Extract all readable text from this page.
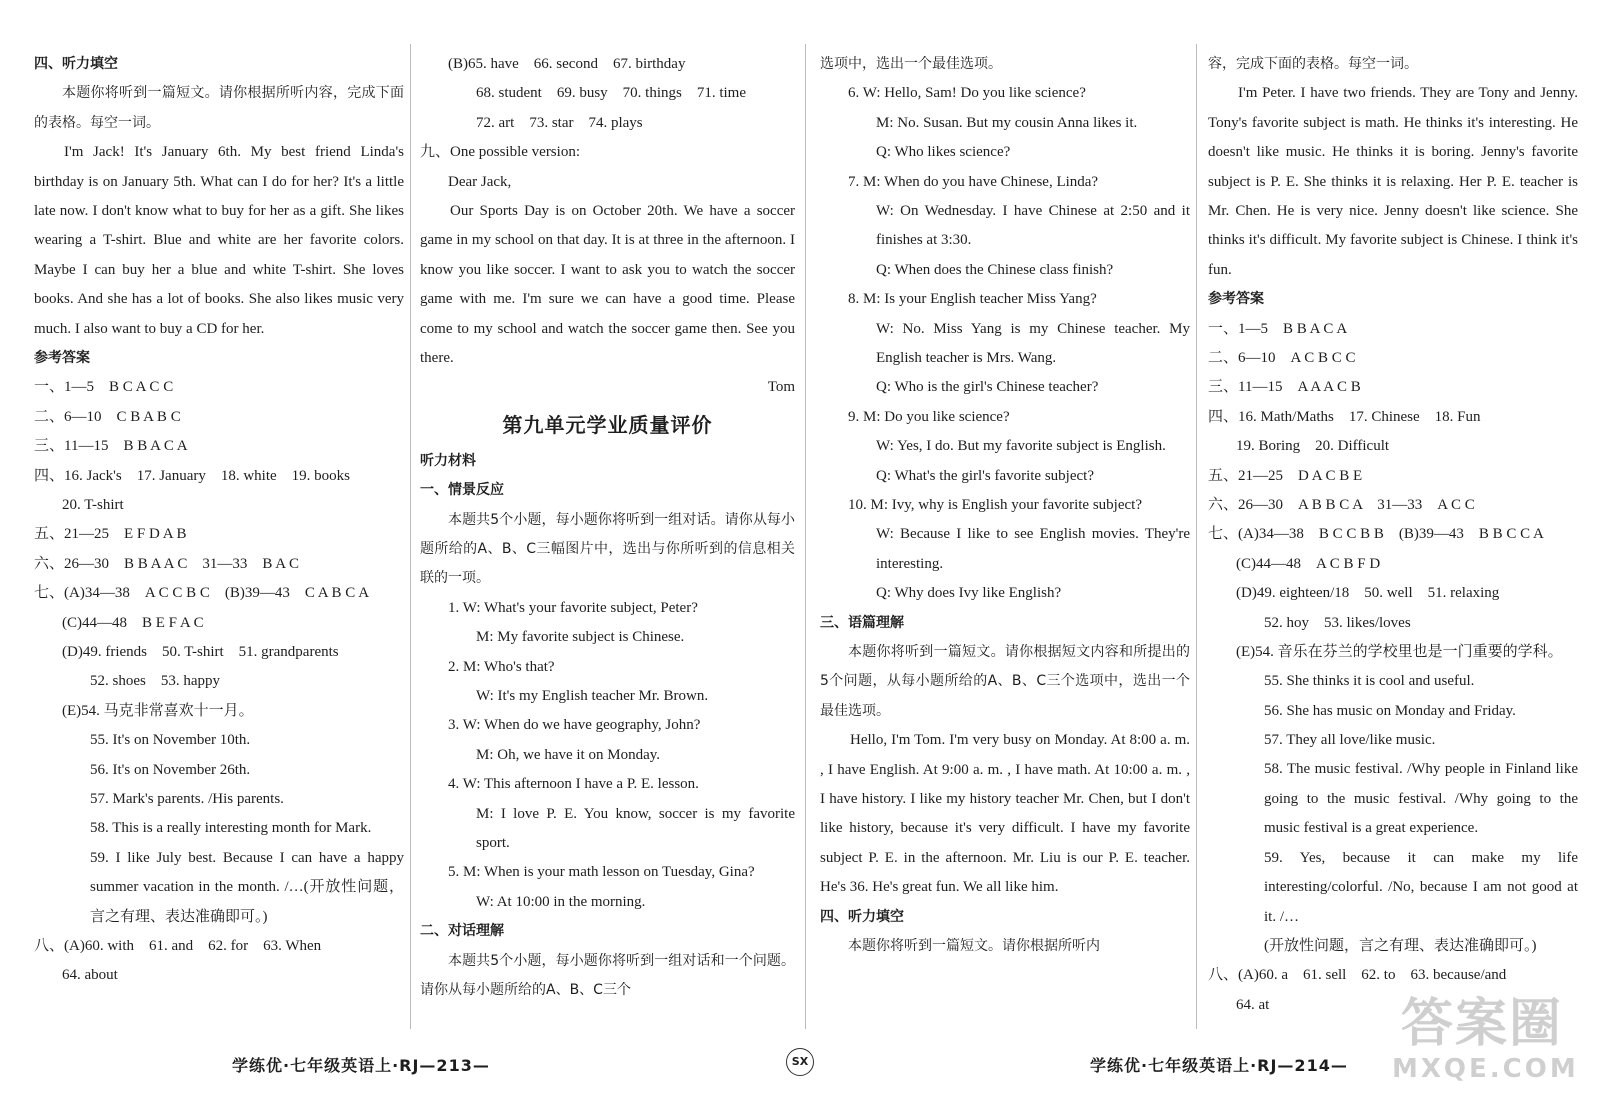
四、听力填空
本题你将听到一篇短文。请你根据所听内容，完成下面的表格。每空一词。
I'm Jack! It's January 6th. My best friend Linda's birthday is on January 5th. What can I do for her? It's a little late now. I don't know what to buy for her as a gift. She likes wearing a T-shirt. Blue and white are her favorite colors. Maybe I can buy her a blue and white T-shirt. She loves books. And she has a lot of books. She also likes music very much. I also want to buy a CD for her.
参考答案
一、1—5　B C A C C
二、6—10　C B A B C
三、11—15　B B A C A
四、16. Jack's　17. January　18. white　19. books
20. T-shirt
五、21—25　E F D A B
六、26—30　B B A A C　31—33　B A C
七、(A)34—38　A C C B C　(B)39—43　C A B C A
(C)44—48　B E F A C
(D)49. friends　50. T-shirt　51. grandparents
52. shoes　53. happy
(E)54. 马克非常喜欢十一月。
55. It's on November 10th.
56. It's on November 26th.
57. Mark's parents. /His parents.
58. This is a really interesting month for Mark.
59. I like July best. Because I can have a happy summer vacation in the month. /…(开放性问题，言之有理、表达准确即可。)
八、(A)60. with　61. and　62. for　63. When
64. about
(B)65. have　66. second　67. birthday
68. student　69. busy　70. things　71. time
72. art　73. star　74. plays
九、One possible version:
Dear Jack,
Our Sports Day is on October 20th. We have a soccer game in my school on that day. It is at three in the afternoon. I know you like soccer. I want to ask you to watch the soccer game with me. I'm sure we can have a good time. Please come to my school and watch the soccer game then. See you there.
Tom
第九单元学业质量评价
听力材料
一、情景反应
本题共5个小题，每小题你将听到一组对话。请你从每小题所给的A、B、C三幅图片中，选出与你所听到的信息相关联的一项。
1. W: What's your favorite subject, Peter?
M: My favorite subject is Chinese.
2. M: Who's that?
W: It's my English teacher Mr. Brown.
3. W: When do we have geography, John?
M: Oh, we have it on Monday.
4. W: This afternoon I have a P. E. lesson.
M: I love P. E. You know, soccer is my favorite sport.
5. M: When is your math lesson on Tuesday, Gina?
W: At 10:00 in the morning.
二、对话理解
本题共5个小题，每小题你将听到一组对话和一个问题。请你从每小题所给的A、B、C三个
选项中，选出一个最佳选项。
6. W: Hello, Sam! Do you like science?
M: No. Susan. But my cousin Anna likes it.
Q: Who likes science?
7. M: When do you have Chinese, Linda?
W: On Wednesday. I have Chinese at 2:50 and it finishes at 3:30.
Q: When does the Chinese class finish?
8. M: Is your English teacher Miss Yang?
W: No. Miss Yang is my Chinese teacher. My English teacher is Mrs. Wang.
Q: Who is the girl's Chinese teacher?
9. M: Do you like science?
W: Yes, I do. But my favorite subject is English.
Q: What's the girl's favorite subject?
10. M: Ivy, why is English your favorite subject?
W: Because I like to see English movies. They're interesting.
Q: Why does Ivy like English?
三、语篇理解
本题你将听到一篇短文。请你根据短文内容和所提出的5个问题，从每小题所给的A、B、C三个选项中，选出一个最佳选项。
Hello, I'm Tom. I'm very busy on Monday. At 8:00 a. m. , I have English. At 9:00 a. m. , I have math. At 10:00 a. m. , I have history. I like my history teacher Mr. Chen, but I don't like history, because it's very difficult. I have my favorite subject P. E. in the afternoon. Mr. Liu is our P. E. teacher. He's 36. He's great fun. We all like him.
四、听力填空
本题你将听到一篇短文。请你根据所听内
容，完成下面的表格。每空一词。
I'm Peter. I have two friends. They are Tony and Jenny. Tony's favorite subject is math. He thinks it's interesting. He doesn't like music. He thinks it is boring. Jenny's favorite subject is P. E. She thinks it is relaxing. Her P. E. teacher is Mr. Chen. He is very nice. Jenny doesn't like science. She thinks it's difficult. My favorite subject is Chinese. I think it's fun.
参考答案
一、1—5　B B A C A
二、6—10　A C B C C
三、11—15　A A A C B
四、16. Math/Maths　17. Chinese　18. Fun
19. Boring　20. Difficult
五、21—25　D A C B E
六、26—30　A B B C A　31—33　A C C
七、(A)34—38　B C C B B　(B)39—43　B B C C A
(C)44—48　A C B F D
(D)49. eighteen/18　50. well　51. relaxing
52. hoy　53. likes/loves
(E)54. 音乐在芬兰的学校里也是一门重要的学科。
55. She thinks it is cool and useful.
56. She has music on Monday and Friday.
57. They all love/like music.
58. The music festival. /Why people in Finland like going to the music festival. /Why going to the music festival is a great experience.
59. Yes, because it can make my life interesting/colorful. /No, because I am not good at it. /…
(开放性问题，言之有理、表达准确即可。)
八、(A)60. a　61. sell　62. to　63. because/and
64. at
学练优·七年级英语上·RJ—213—	SX	学练优·七年级英语上·RJ—214—
答案圈
MXQE.COM
